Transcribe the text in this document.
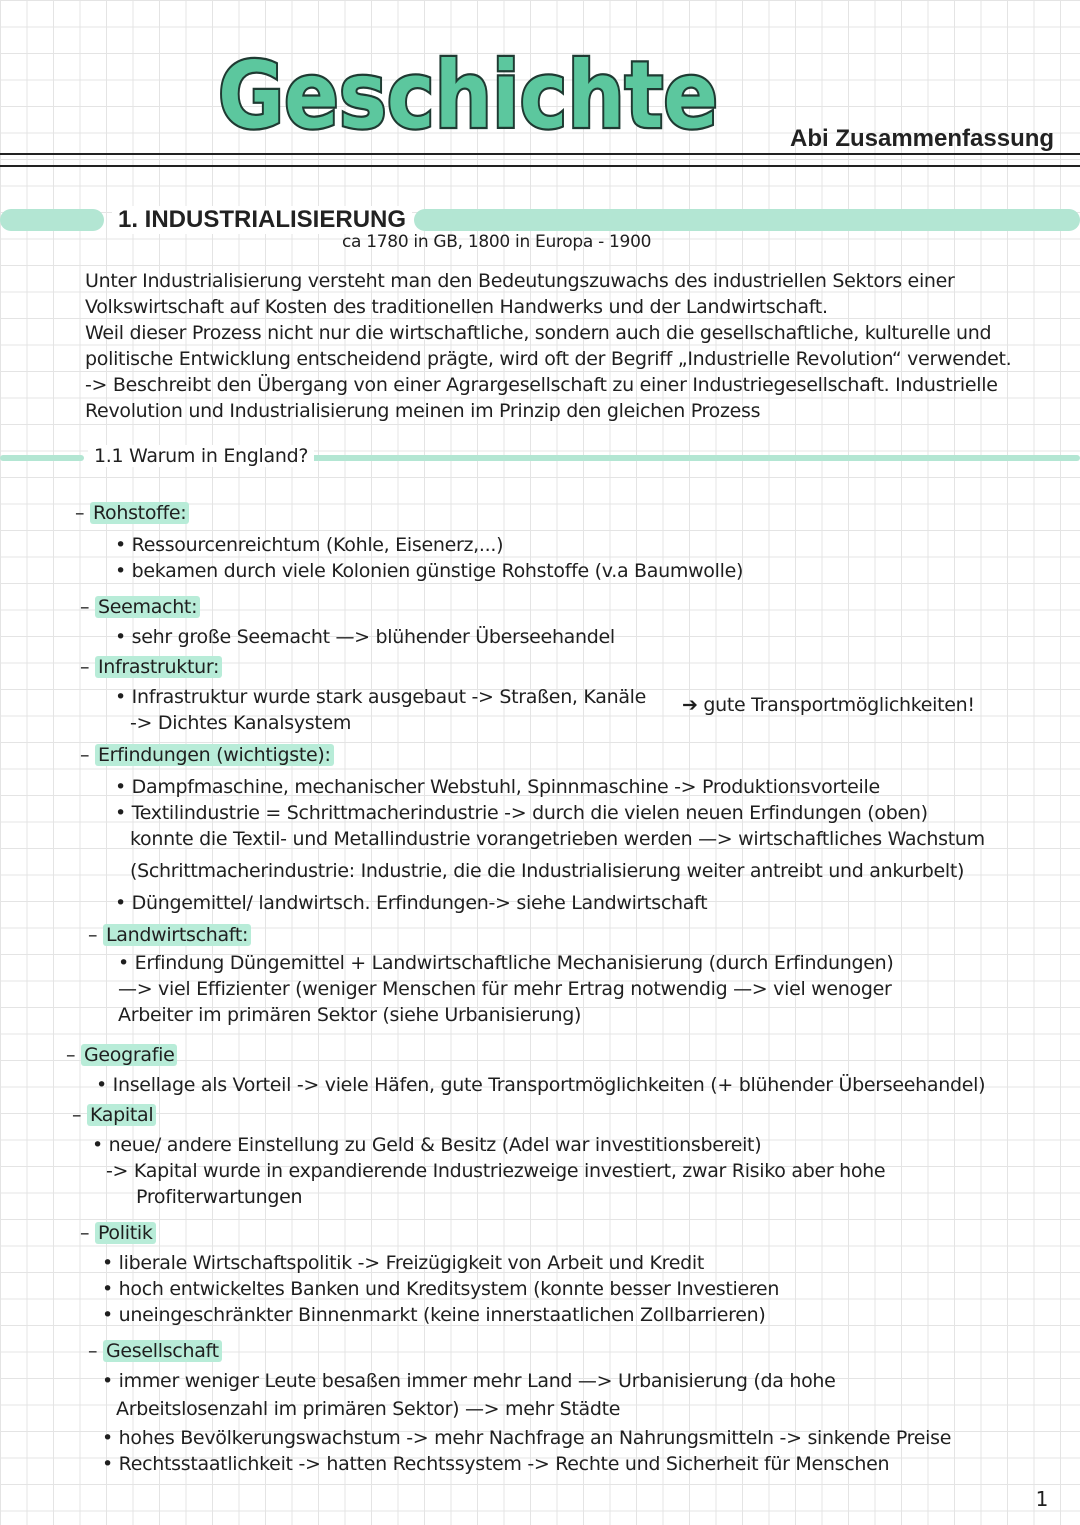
Geschichte	Abi Zusammenfassung
1. INDUSTRIALISIERUNG
ca 1780 in GB, 1800 in Europa - 1900
Unter Industrialisierung versteht man den Bedeutungszuwachs des industriellen Sektors einer
Volkswirtschaft auf Kosten des traditionellen Handwerks und der Landwirtschaft.
Weil dieser Prozess nicht nur die wirtschaftliche, sondern auch die gesellschaftliche, kulturelle und
politische Entwicklung entscheidend prägte, wird oft der Begriff „Industrielle Revolution“ verwendet.
-> Beschreibt den Übergang von einer Agrargesellschaft zu einer Industriegesellschaft. Industrielle
Revolution und Industrialisierung meinen im Prinzip den gleichen Prozess
1.1 Warum in England?
– Rohstoffe:
• Ressourcenreichtum (Kohle, Eisenerz,...)
• bekamen durch viele Kolonien günstige Rohstoffe (v.a Baumwolle)
– Seemacht:
• sehr große Seemacht —> blühender Überseehandel
– Infrastruktur:
• Infrastruktur wurde stark ausgebaut -> Straßen, Kanäle
-> Dichtes Kanalsystem
➔ gute Transportmöglichkeiten!
– Erfindungen (wichtigste):
• Dampfmaschine, mechanischer Webstuhl, Spinnmaschine -> Produktionsvorteile
• Textilindustrie = Schrittmacherindustrie -> durch die vielen neuen Erfindungen (oben)
konnte die Textil- und Metallindustrie vorangetrieben werden —> wirtschaftliches Wachstum
(Schrittmacherindustrie: Industrie, die die Industrialisierung weiter antreibt und ankurbelt)
• Düngemittel/ landwirtsch. Erfindungen-> siehe Landwirtschaft
– Landwirtschaft:
• Erfindung Düngemittel + Landwirtschaftliche Mechanisierung (durch Erfindungen)
—> viel Effizienter (weniger Menschen für mehr Ertrag notwendig —> viel wenoger
Arbeiter im primären Sektor (siehe Urbanisierung)
– Geografie
• Insellage als Vorteil -> viele Häfen, gute Transportmöglichkeiten (+ blühender Überseehandel)
– Kapital
• neue/ andere Einstellung zu Geld & Besitz (Adel war investitionsbereit)
-> Kapital wurde in expandierende Industriezweige investiert, zwar Risiko aber hohe
Profiterwartungen
– Politik
• liberale Wirtschaftspolitik -> Freizügigkeit von Arbeit und Kredit
• hoch entwickeltes Banken und Kreditsystem (konnte besser Investieren
• uneingeschränkter Binnenmarkt (keine innerstaatlichen Zollbarrieren)
– Gesellschaft
• immer weniger Leute besaßen immer mehr Land —> Urbanisierung (da hohe
Arbeitslosenzahl im primären Sektor) —> mehr Städte
• hohes Bevölkerungswachstum -> mehr Nachfrage an Nahrungsmitteln -> sinkende Preise
• Rechtsstaatlichkeit -> hatten Rechtssystem -> Rechte und Sicherheit für Menschen
1
